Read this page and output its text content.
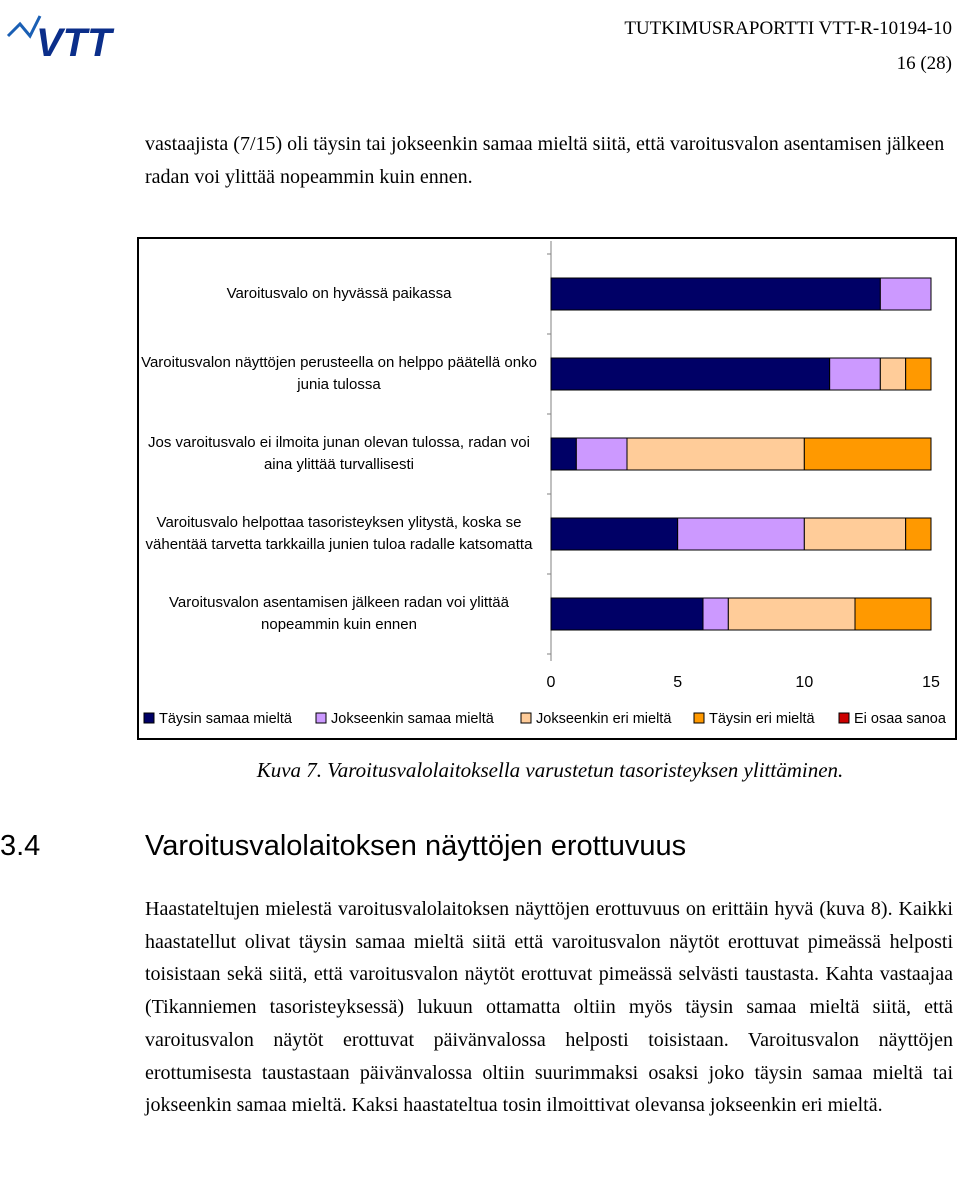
VTT	TUTKIMUSRAPORTTI VTT-R-10194-10
16 (28)
vastaajista (7/15) oli täysin tai jokseenkin samaa mieltä siitä, että varoitusvalon asentamisen jälkeen radan voi ylittää nopeammin kuin ennen.
0	5	10	15
Täysin samaa mieltä	Jokseenkin samaa mieltä	Jokseenkin eri mieltä	Täysin eri mieltä	Ei osaa sanoa
Varoitusvalo on hyvässä paikassa
Varoitusvalon näyttöjen perusteella on helppo päätellä onko junia tulossa
Jos varoitusvalo ei ilmoita junan olevan tulossa, radan voi aina ylittää turvallisesti
Varoitusvalo helpottaa tasoristeyksen ylitystä, koska se vähentää tarvetta tarkkailla junien tuloa radalle katsomatta
Varoitusvalon asentamisen jälkeen radan voi ylittää nopeammin kuin ennen
Kuva 7. Varoitusvalolaitoksella varustetun tasoristeyksen ylittäminen.
3.4	Varoitusvalolaitoksen näyttöjen erottuvuus
Haastateltujen mielestä varoitusvalolaitoksen näyttöjen erottuvuus on erittäin hyvä (kuva 8). Kaikki haastatellut olivat täysin samaa mieltä siitä että varoitusvalon näytöt erottuvat pimeässä helposti toisistaan sekä siitä, että varoitusvalon näytöt erottuvat pimeässä selvästi taustasta. Kahta vastaajaa (Tikanniemen tasoristeyksessä) lukuun ottamatta oltiin myös täysin samaa mieltä siitä, että varoitusvalon näytöt erottuvat päivänvalossa helposti toisistaan. Varoitusvalon näyttöjen erottumisesta taustastaan päivänvalossa oltiin suurimmaksi osaksi joko täysin samaa mieltä tai jokseenkin samaa mieltä. Kaksi haastateltua tosin ilmoittivat olevansa jokseenkin eri mieltä.
